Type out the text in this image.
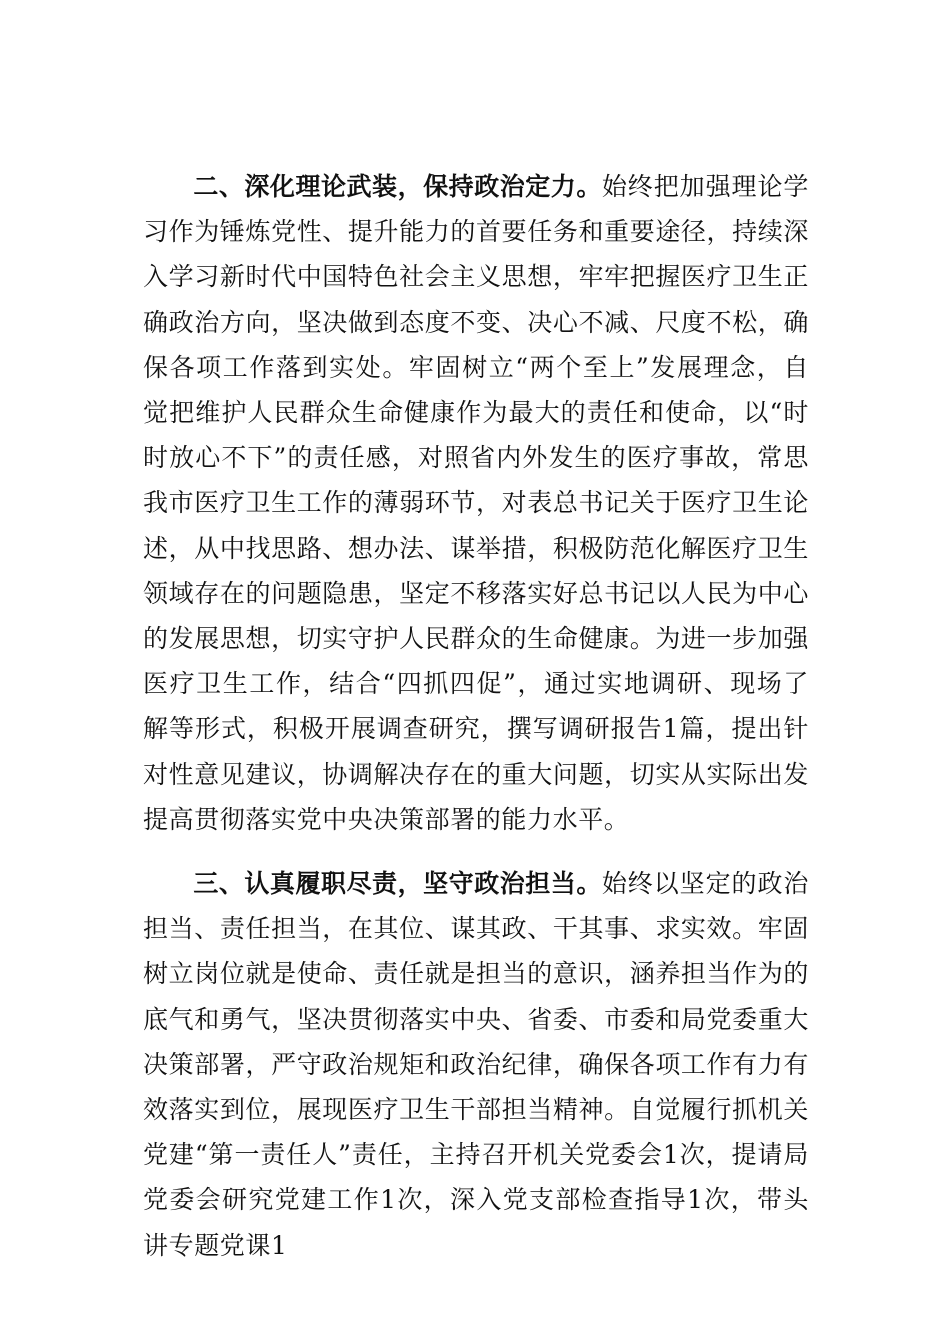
二、深化理论武装，保持政治定力。始终把加强理论学习作为锤炼党性、提升能力的首要任务和重要途径，持续深入学习新时代中国特色社会主义思想，牢牢把握医疗卫生正确政治方向，坚决做到态度不变、决心不减、尺度不松，确保各项工作落到实处。牢固树立“两个至上”发展理念，自觉把维护人民群众生命健康作为最大的责任和使命，以“时时放心不下”的责任感，对照省内外发生的医疗事故，常思我市医疗卫生工作的薄弱环节，对表总书记关于医疗卫生论述，从中找思路、想办法、谋举措，积极防范化解医疗卫生领域存在的问题隐患，坚定不移落实好总书记以人民为中心的发展思想，切实守护人民群众的生命健康。为进一步加强医疗卫生工作，结合“四抓四促”，通过实地调研、现场了解等形式，积极开展调查研究，撰写调研报告1篇，提出针对性意见建议，协调解决存在的重大问题，切实从实际出发提高贯彻落实党中央决策部署的能力水平。

三、认真履职尽责，坚守政治担当。始终以坚定的政治担当、责任担当，在其位、谋其政、干其事、求实效。牢固树立岗位就是使命、责任就是担当的意识，涵养担当作为的底气和勇气，坚决贯彻落实中央、省委、市委和局党委重大决策部署，严守政治规矩和政治纪律，确保各项工作有力有效落实到位，展现医疗卫生干部担当精神。自觉履行抓机关党建“第一责任人”责任，主持召开机关党委会1次，提请局党委会研究党建工作1次，深入党支部检查指导1次，带头讲专题党课1
